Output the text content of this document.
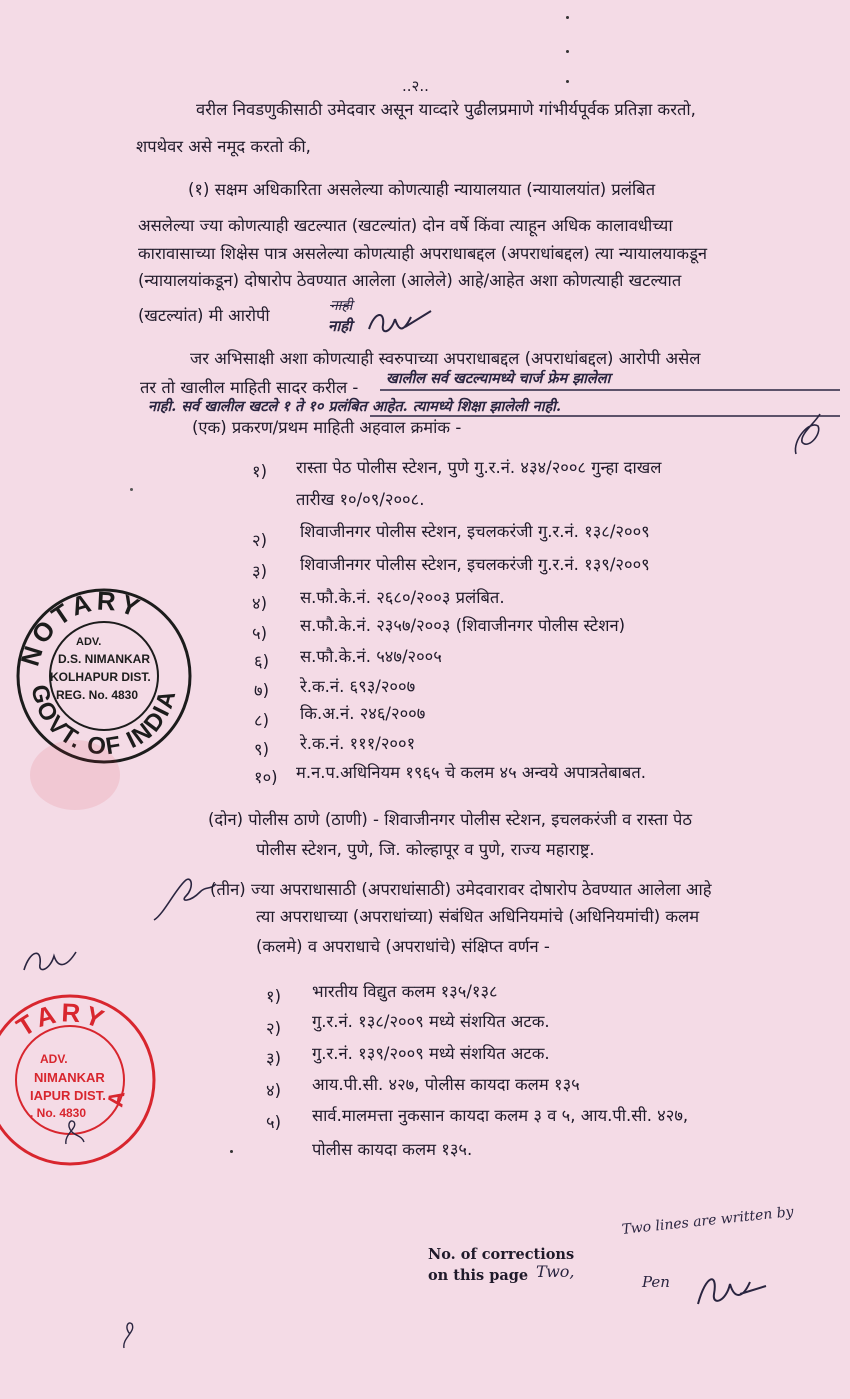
..२..
वरील निवडणुकीसाठी उमेदवार असून याव्दारे पुढीलप्रमाणे गांभीर्यपूर्वक प्रतिज्ञा करतो,
शपथेवर असे नमूद करतो की,
(१) सक्षम अधिकारिता असलेल्या कोणत्याही न्यायालयात (न्यायालयांत) प्रलंबित
असलेल्या ज्या कोणत्याही खटल्यात (खटल्यांत) दोन वर्षे किंवा त्याहून अधिक कालावधीच्या
कारावासाच्या शिक्षेस पात्र असलेल्या कोणत्याही अपराधाबद्दल (अपराधांबद्दल) त्या न्यायालयाकडून
(न्यायालयांकडून) दोषारोप ठेवण्यात आलेला (आलेले) आहे/आहेत अशा कोणत्याही खटल्यात
(खटल्यांत) मी आरोपी	नाही
नाही
जर अभिसाक्षी अशा कोणत्याही स्वरुपाच्या अपराधाबद्दल (अपराधांबद्दल) आरोपी असेल
तर तो खालील माहिती सादर करील - खालील सर्व खटल्यामध्ये चार्ज फ्रेम झालेला
नाही. सर्व खालील खटले १ ते १० प्रलंबित आहेत. त्यामध्ये शिक्षा झालेली नाही.
(एक) प्रकरण/प्रथम माहिती अहवाल क्रमांक -
१) रास्ता पेठ पोलीस स्टेशन, पुणे गु.र.नं. ४३४/२००८ गुन्हा दाखल
तारीख १०/०९/२००८.
२) शिवाजीनगर पोलीस स्टेशन, इचलकरंजी गु.र.नं. १३८/२००९
३) शिवाजीनगर पोलीस स्टेशन, इचलकरंजी गु.र.नं. १३९/२००९
४) स.फौ.के.नं. २६८०/२००३ प्रलंबित.
५) स.फौ.के.नं. २३५७/२००३ (शिवाजीनगर पोलीस स्टेशन)
६) स.फौ.के.नं. ५४७/२००५
७) रे.क.नं. ६९३/२००७
८) कि.अ.नं. २४६/२००७
९) रे.क.नं. १११/२००१
१०) म.न.प.अधिनियम १९६५ चे कलम ४५ अन्वये अपात्रतेबाबत.
(दोन) पोलीस ठाणे (ठाणी) - शिवाजीनगर पोलीस स्टेशन, इचलकरंजी व रास्ता पेठ
पोलीस स्टेशन, पुणे, जि. कोल्हापूर व पुणे, राज्य महाराष्ट्र.
(तीन) ज्या अपराधासाठी (अपराधांसाठी) उमेदवारावर दोषारोप ठेवण्यात आलेला आहे
त्या अपराधाच्या (अपराधांच्या) संबंधित अधिनियमांचे (अधिनियमांची) कलम
(कलमे) व अपराधाचे (अपराधांचे) संक्षिप्त वर्णन -
१) भारतीय विद्युत कलम १३५/१३८
२) गु.र.नं. १३८/२००९ मध्ये संशयित अटक.
३) गु.र.नं. १३९/२००९ मध्ये संशयित अटक.
४) आय.पी.सी. ४२७, पोलीस कायदा कलम १३५
५) सार्व.मालमत्ता नुकसान कायदा कलम ३ व ५, आय.पी.सी. ४२७,
पोलीस कायदा कलम १३५.
No. of corrections
on this page Two,
Two lines are written by
Pen
NOTARY
GOVT. OF INDIA
ADV.
D.S. NIMANKAR
KOLHAPUR DIST.
REG. No. 4830
A
TARY
ADV.
NIMANKAR
IAPUR DIST.
. No. 4830
